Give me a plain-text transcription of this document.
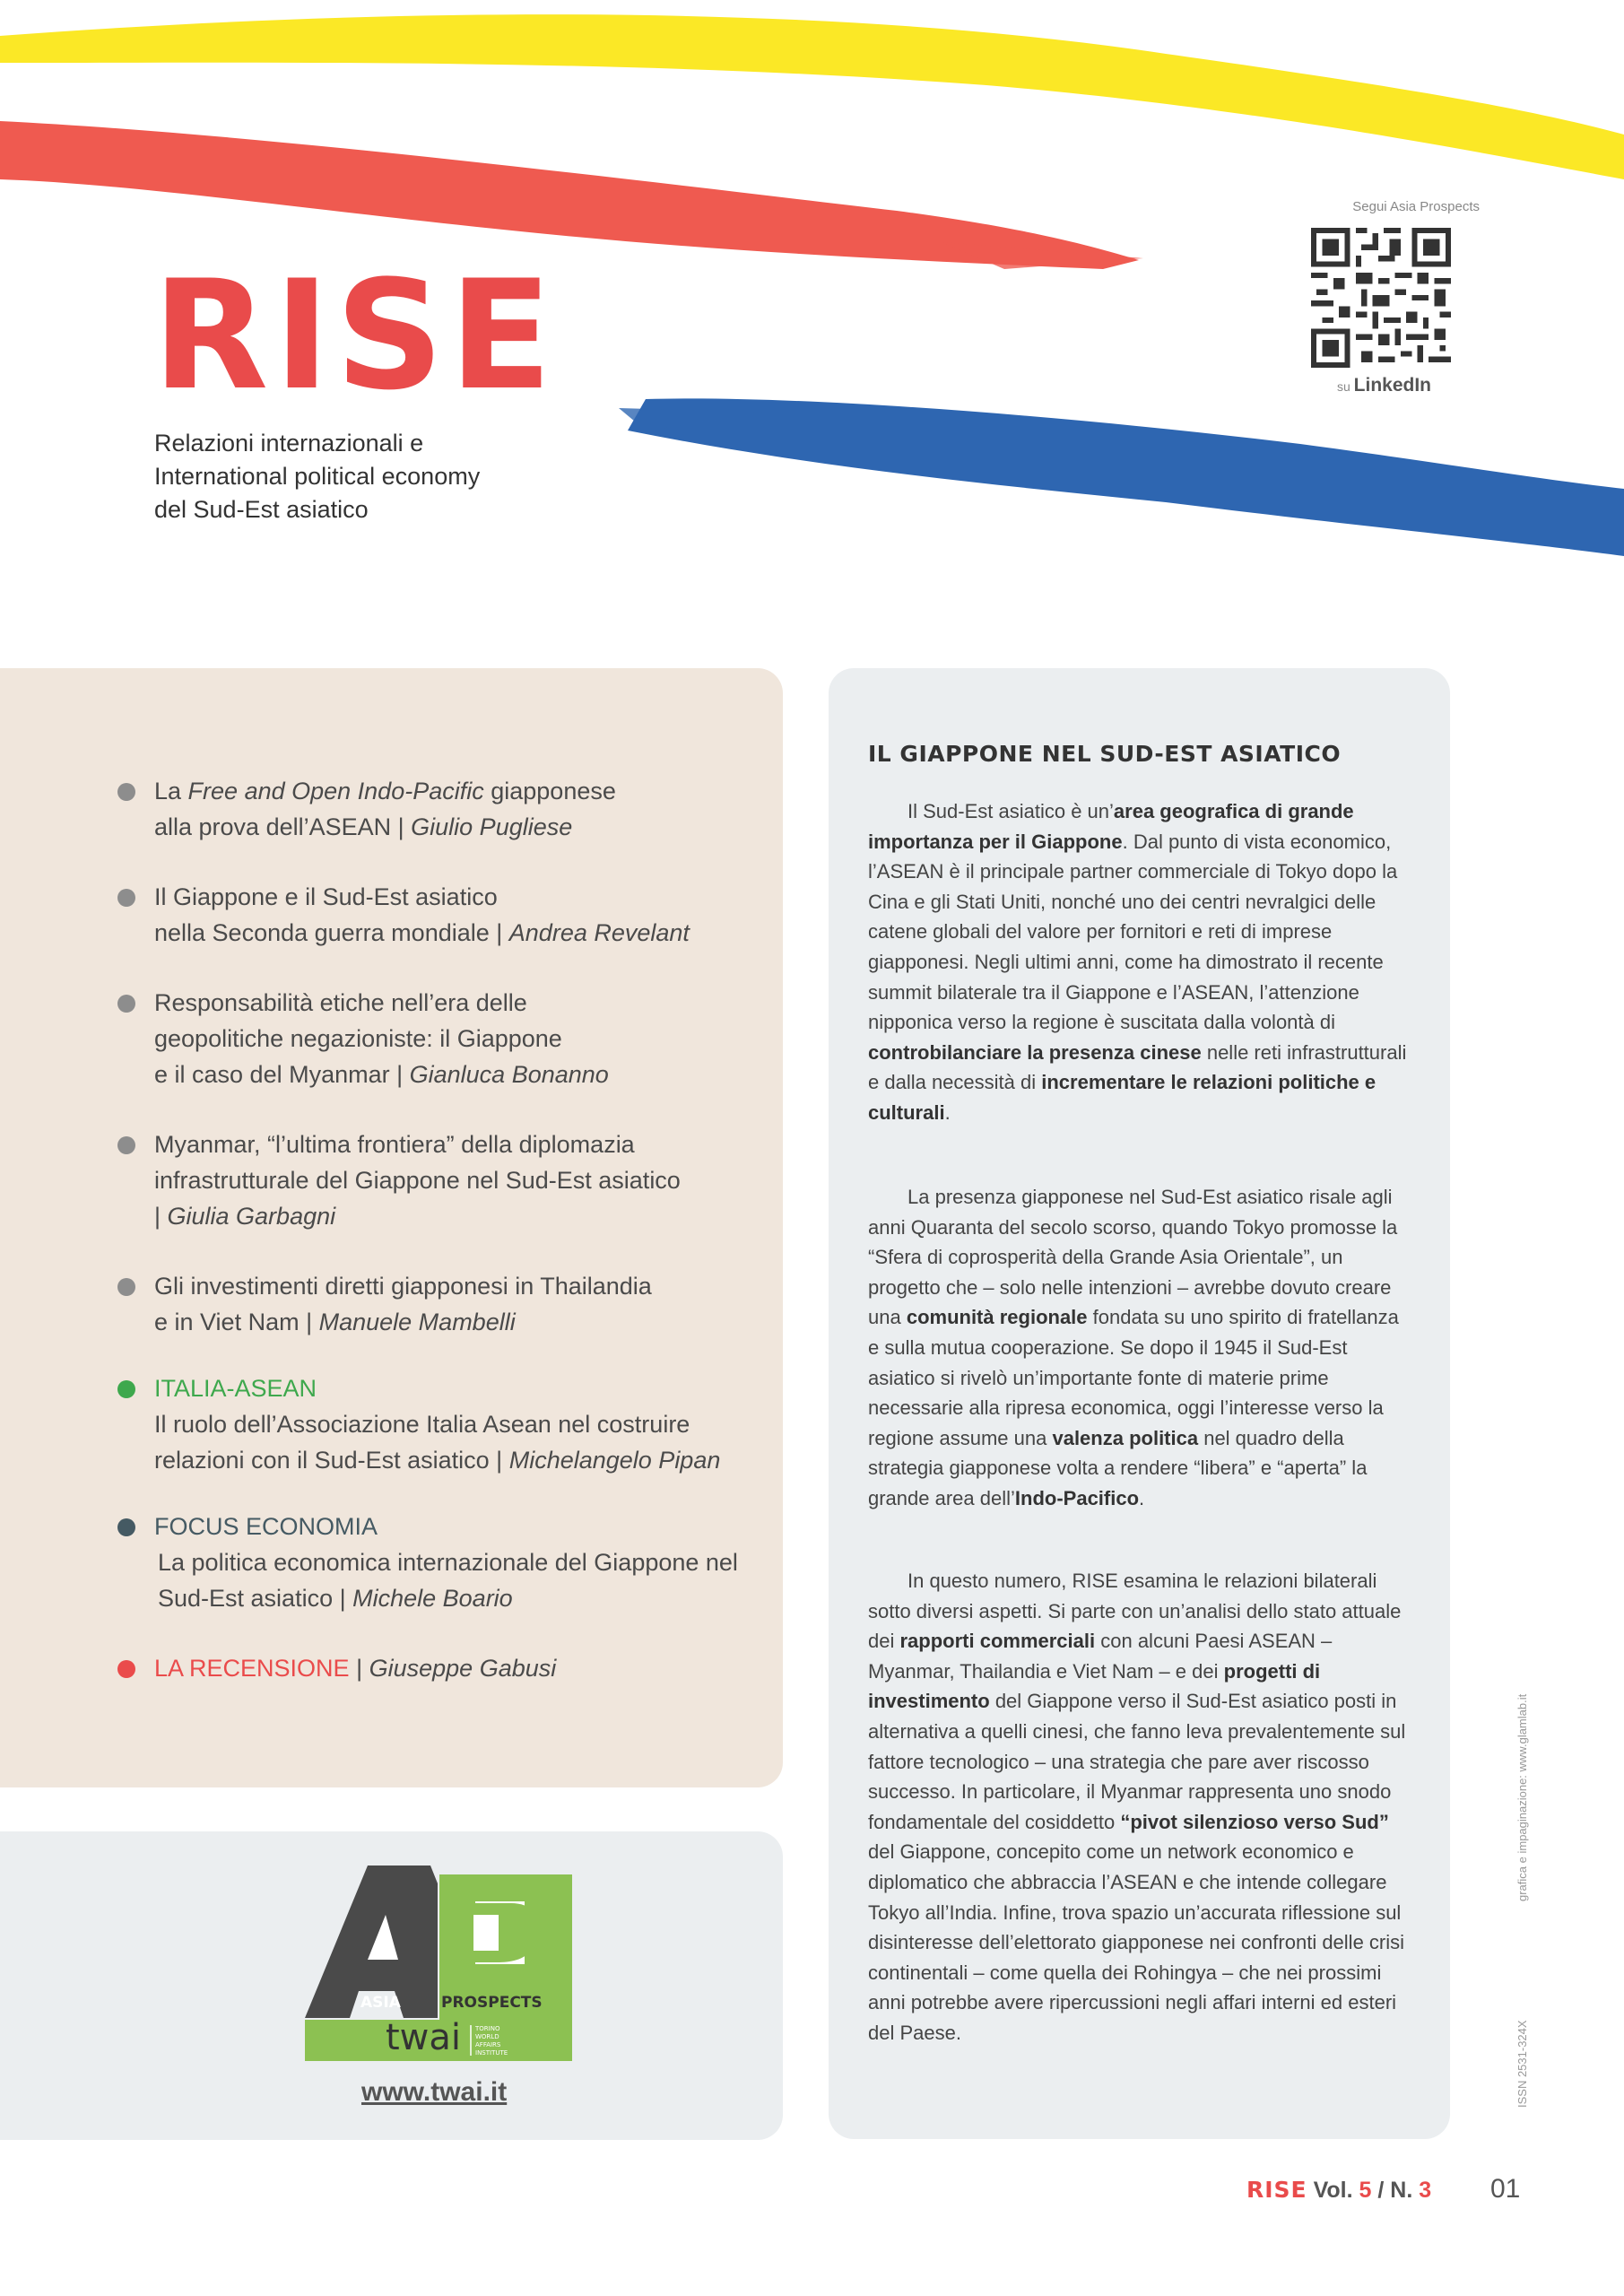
RISE
Relazioni internazionali e
International political economy
del Sud-Est asiatico
Segui Asia Prospects
su LinkedIn
La Free and Open Indo-Pacific giapponese
alla prova dell’ASEAN | Giulio Pugliese
Il Giappone e il Sud-Est asiatico
nella Seconda guerra mondiale | Andrea Revelant
Responsabilità etiche nell’era delle
geopolitiche negazioniste: il Giappone
e il caso del Myanmar | Gianluca Bonanno
Myanmar, “l’ultima frontiera” della diplomazia
infrastrutturale del Giappone nel Sud-Est asiatico
| Giulia Garbagni
Gli investimenti diretti giapponesi in Thailandia
e in Viet Nam | Manuele Mambelli
ITALIA-ASEAN
Il ruolo dell’Associazione Italia Asean nel costruire
relazioni con il Sud-Est asiatico | Michelangelo Pipan
FOCUS ECONOMIA
La politica economica internazionale del Giappone nel
Sud-Est asiatico | Michele Boario
LA RECENSIONE | Giuseppe Gabusi
ASIA	PROSPECTS
twai TORINO
WORLD
AFFAIRS
INSTITUTE
www.twai.it
IL GIAPPONE NEL SUD-EST ASIATICO

Il Sud-Est asiatico è un’area geografica di grande importanza per il Giappone. Dal punto di vista economico, l’ASEAN è il principale partner commerciale di Tokyo dopo la Cina e gli Stati Uniti, nonché uno dei centri nevralgici delle catene globali del valore per fornitori e reti di imprese giapponesi. Negli ultimi anni, come ha dimostrato il recente summit bilaterale tra il Giappone e l’ASEAN, l’attenzione nipponica verso la regione è suscitata dalla volontà di controbilanciare la presenza cinese nelle reti infrastrutturali e dalla necessità di incrementare le relazioni politiche e culturali.

La presenza giapponese nel Sud-Est asiatico risale agli anni Quaranta del secolo scorso, quando Tokyo promosse la “Sfera di coprosperità della Grande Asia Orientale”, un progetto che – solo nelle intenzioni – avrebbe dovuto creare una comunità regionale fondata su uno spirito di fratellanza e sulla mutua cooperazione. Se dopo il 1945 il Sud-Est asiatico si rivelò un’importante fonte di materie prime necessarie alla ripresa economica, oggi l’interesse verso la regione assume una valenza politica nel quadro della strategia giapponese volta a rendere “libera” e “aperta” la grande area dell’Indo-Pacifico.

In questo numero, RISE esamina le relazioni bilaterali sotto diversi aspetti. Si parte con un’analisi dello stato attuale dei rapporti commerciali con alcuni Paesi ASEAN – Myanmar, Thailandia e Viet Nam – e dei progetti di investimento del Giappone verso il Sud-Est asiatico posti in alternativa a quelli cinesi, che fanno leva prevalentemente sul fattore tecnologico – una strategia che pare aver riscosso successo. In particolare, il Myanmar rappresenta uno snodo fondamentale del cosiddetto “pivot silenzioso verso Sud” del Giappone, concepito come un network economico e diplomatico che abbraccia l’ASEAN e che intende collegare Tokyo all’India. Infine, trova spazio un’accurata riflessione sul disinteresse dell’elettorato giapponese nei confronti delle crisi continentali – come quella dei Rohingya – che nei prossimi anni potrebbe avere ripercussioni negli affari interni ed esteri del Paese.

grafica e impaginazione: www.glamlab.it
ISSN 2531-324X
RISE Vol. 5 / N. 3 01
